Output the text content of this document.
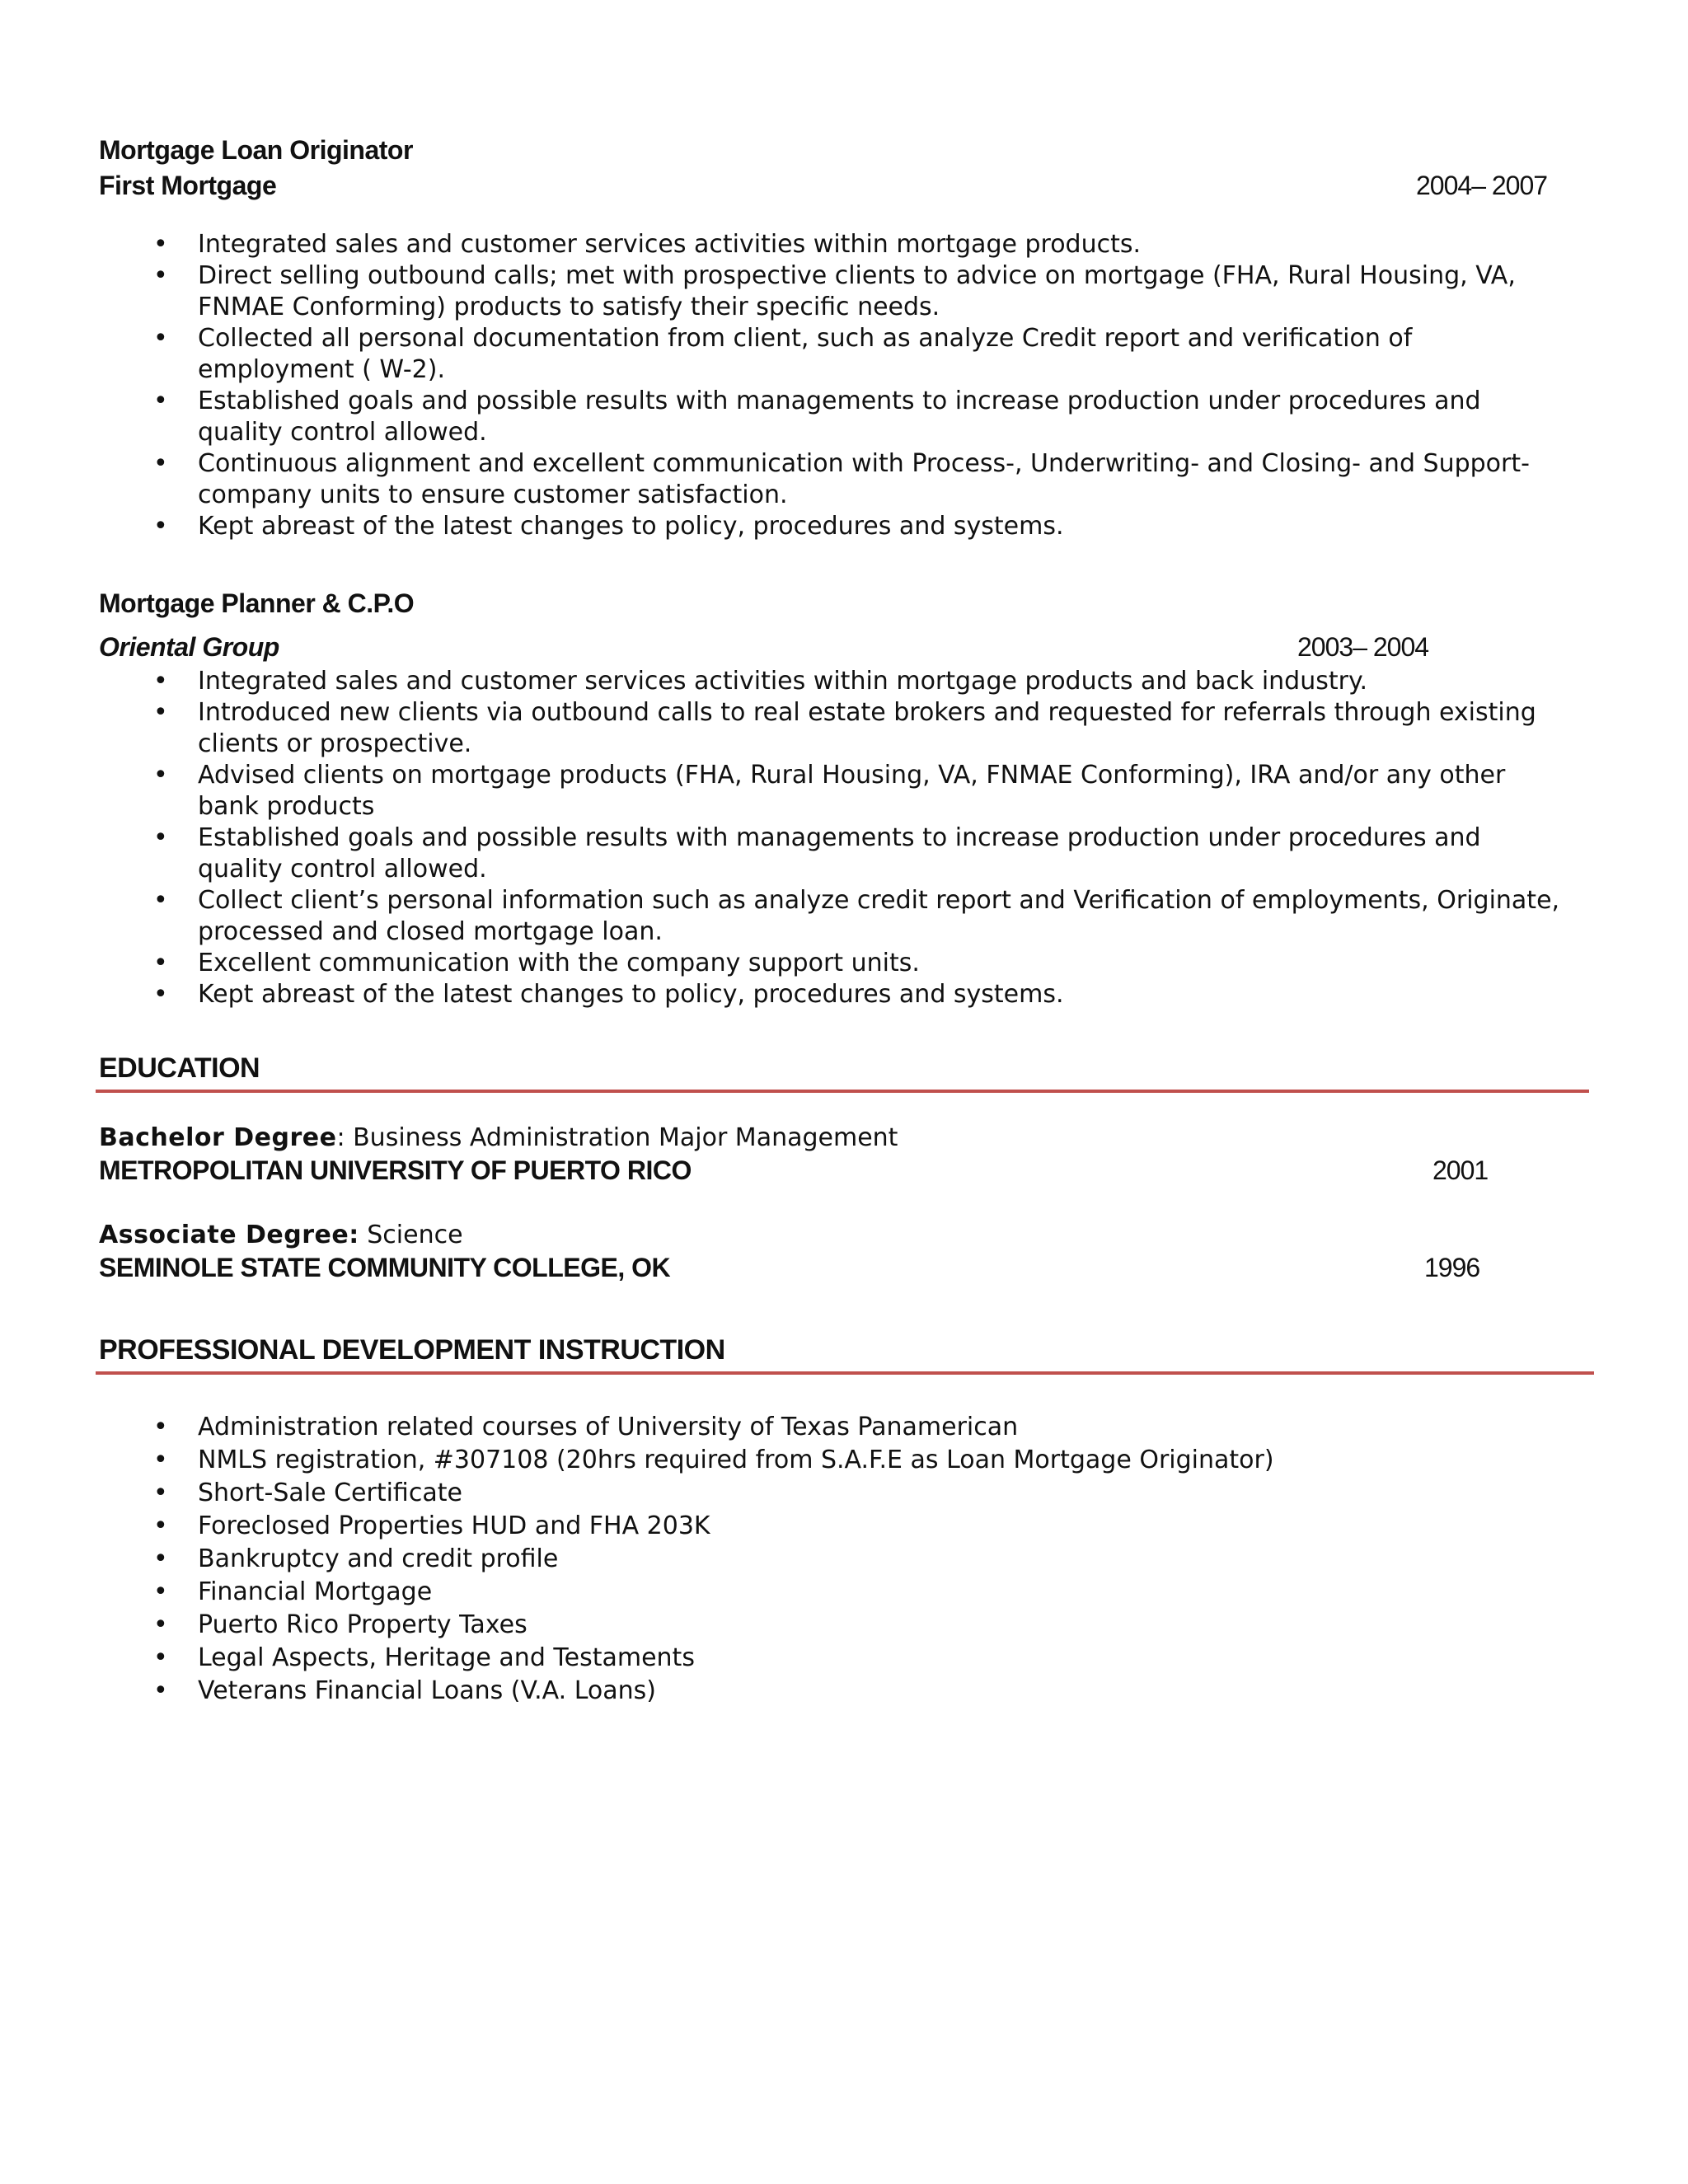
Mortgage Loan Originator
First Mortgage	2004– 2007
• Integrated sales and customer services activities within mortgage products.
• Direct selling outbound calls; met with prospective clients to advice on mortgage (FHA, Rural Housing, VA, FNMAE Conforming) products to satisfy their specific needs.
• Collected all personal documentation from client, such as analyze Credit report and verification of employment ( W-2).
• Established goals and possible results with managements to increase production under procedures and quality control allowed.
• Continuous alignment and excellent communication with Process-, Underwriting- and Closing- and Support-company units to ensure customer satisfaction.
• Kept abreast of the latest changes to policy, procedures and systems.
Mortgage Planner & C.P.O
Oriental Group	2003– 2004
• Integrated sales and customer services activities within mortgage products and back industry.
• Introduced new clients via outbound calls to real estate brokers and requested for referrals through existing clients or prospective.
• Advised clients on mortgage products (FHA, Rural Housing, VA, FNMAE Conforming), IRA and/or any other bank products
• Established goals and possible results with managements to increase production under procedures and quality control allowed.
• Collect client’s personal information such as analyze credit report and Verification of employments, Originate, processed and closed mortgage loan.
• Excellent communication with the company support units.
• Kept abreast of the latest changes to policy, procedures and systems.
EDUCATION
Bachelor Degree: Business Administration Major Management
METROPOLITAN UNIVERSITY OF PUERTO RICO	2001
Associate Degree: Science
SEMINOLE STATE COMMUNITY COLLEGE, OK	1996
PROFESSIONAL DEVELOPMENT INSTRUCTION
• Administration related courses of University of Texas Panamerican
• NMLS registration, #307108 (20hrs required from S.A.F.E as Loan Mortgage Originator)
• Short-Sale Certificate
• Foreclosed Properties HUD and FHA 203K
• Bankruptcy and credit profile
• Financial Mortgage
• Puerto Rico Property Taxes
• Legal Aspects, Heritage and Testaments
• Veterans Financial Loans (V.A. Loans)
